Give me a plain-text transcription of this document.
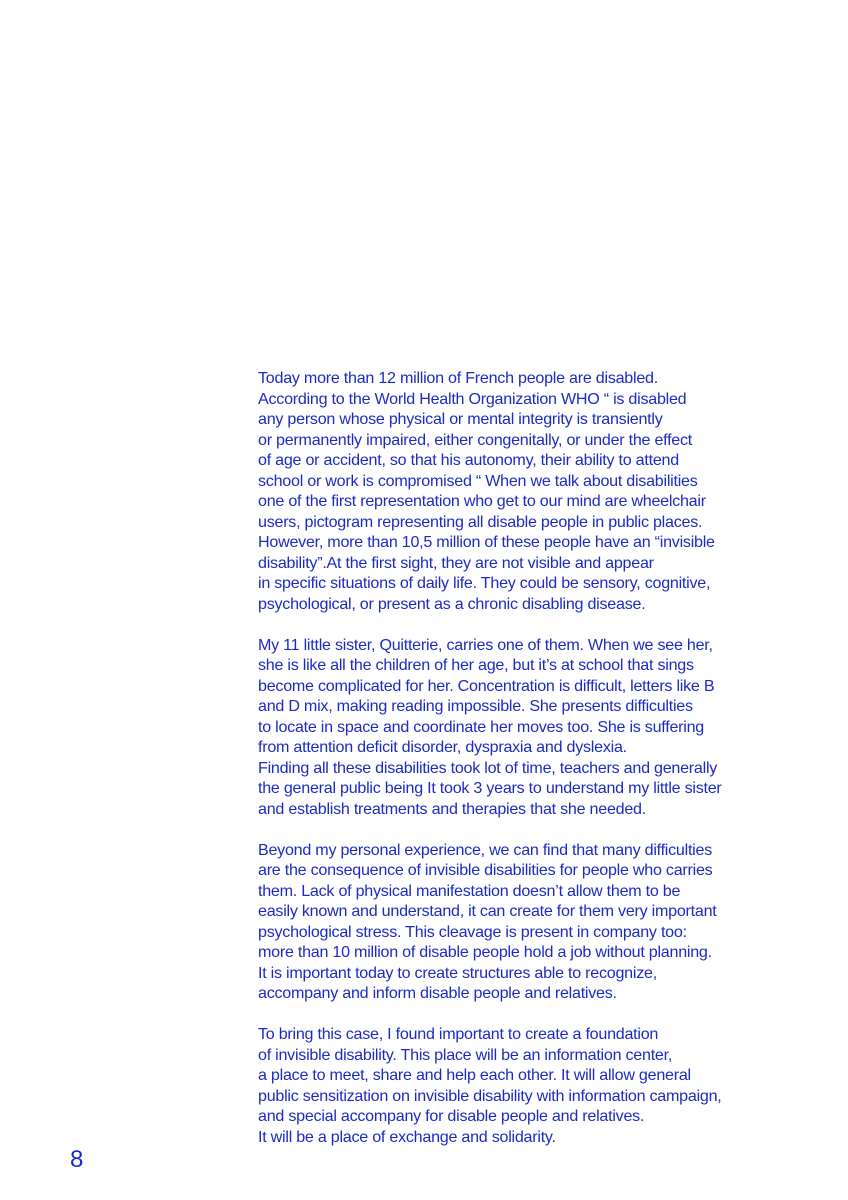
Today more than 12 million of French people are disabled.
According to the World Health Organization WHO “ is disabled
any person whose physical or mental integrity is transiently
or permanently impaired, either congenitally, or under the effect
of age or accident, so that his autonomy, their ability to attend
school or work is compromised “ When we talk about disabilities
one of the first representation who get to our mind are wheelchair
users, pictogram representing all disable people in public places.
However, more than 10,5 million of these people have an “invisible
disability”.At the first sight, they are not visible and appear
in specific situations of daily life. They could be sensory, cognitive,
psychological, or present as a chronic disabling disease.

My 11 little sister, Quitterie, carries one of them. When we see her,
she is like all the children of her age, but it’s at school that sings
become complicated for her. Concentration is difficult, letters like B
and D mix, making reading impossible. She presents difficulties
to locate in space and coordinate her moves too. She is suffering
from attention deficit disorder, dyspraxia and dyslexia.
Finding all these disabilities took lot of time, teachers and generally
the general public being It took 3 years to understand my little sister
and establish treatments and therapies that she needed.

Beyond my personal experience, we can find that many difficulties
are the consequence of invisible disabilities for people who carries
them. Lack of physical manifestation doesn’t allow them to be
easily known and understand, it can create for them very important
psychological stress. This cleavage is present in company too:
more than 10 million of disable people hold a job without planning.
It is important today to create structures able to recognize,
accompany and inform disable people and relatives.

To bring this case, I found important to create a foundation
of invisible disability. This place will be an information center,
a place to meet, share and help each other. It will allow general
public sensitization on invisible disability with information campaign,
and special accompany for disable people and relatives.
It will be a place of exchange and solidarity.

8
